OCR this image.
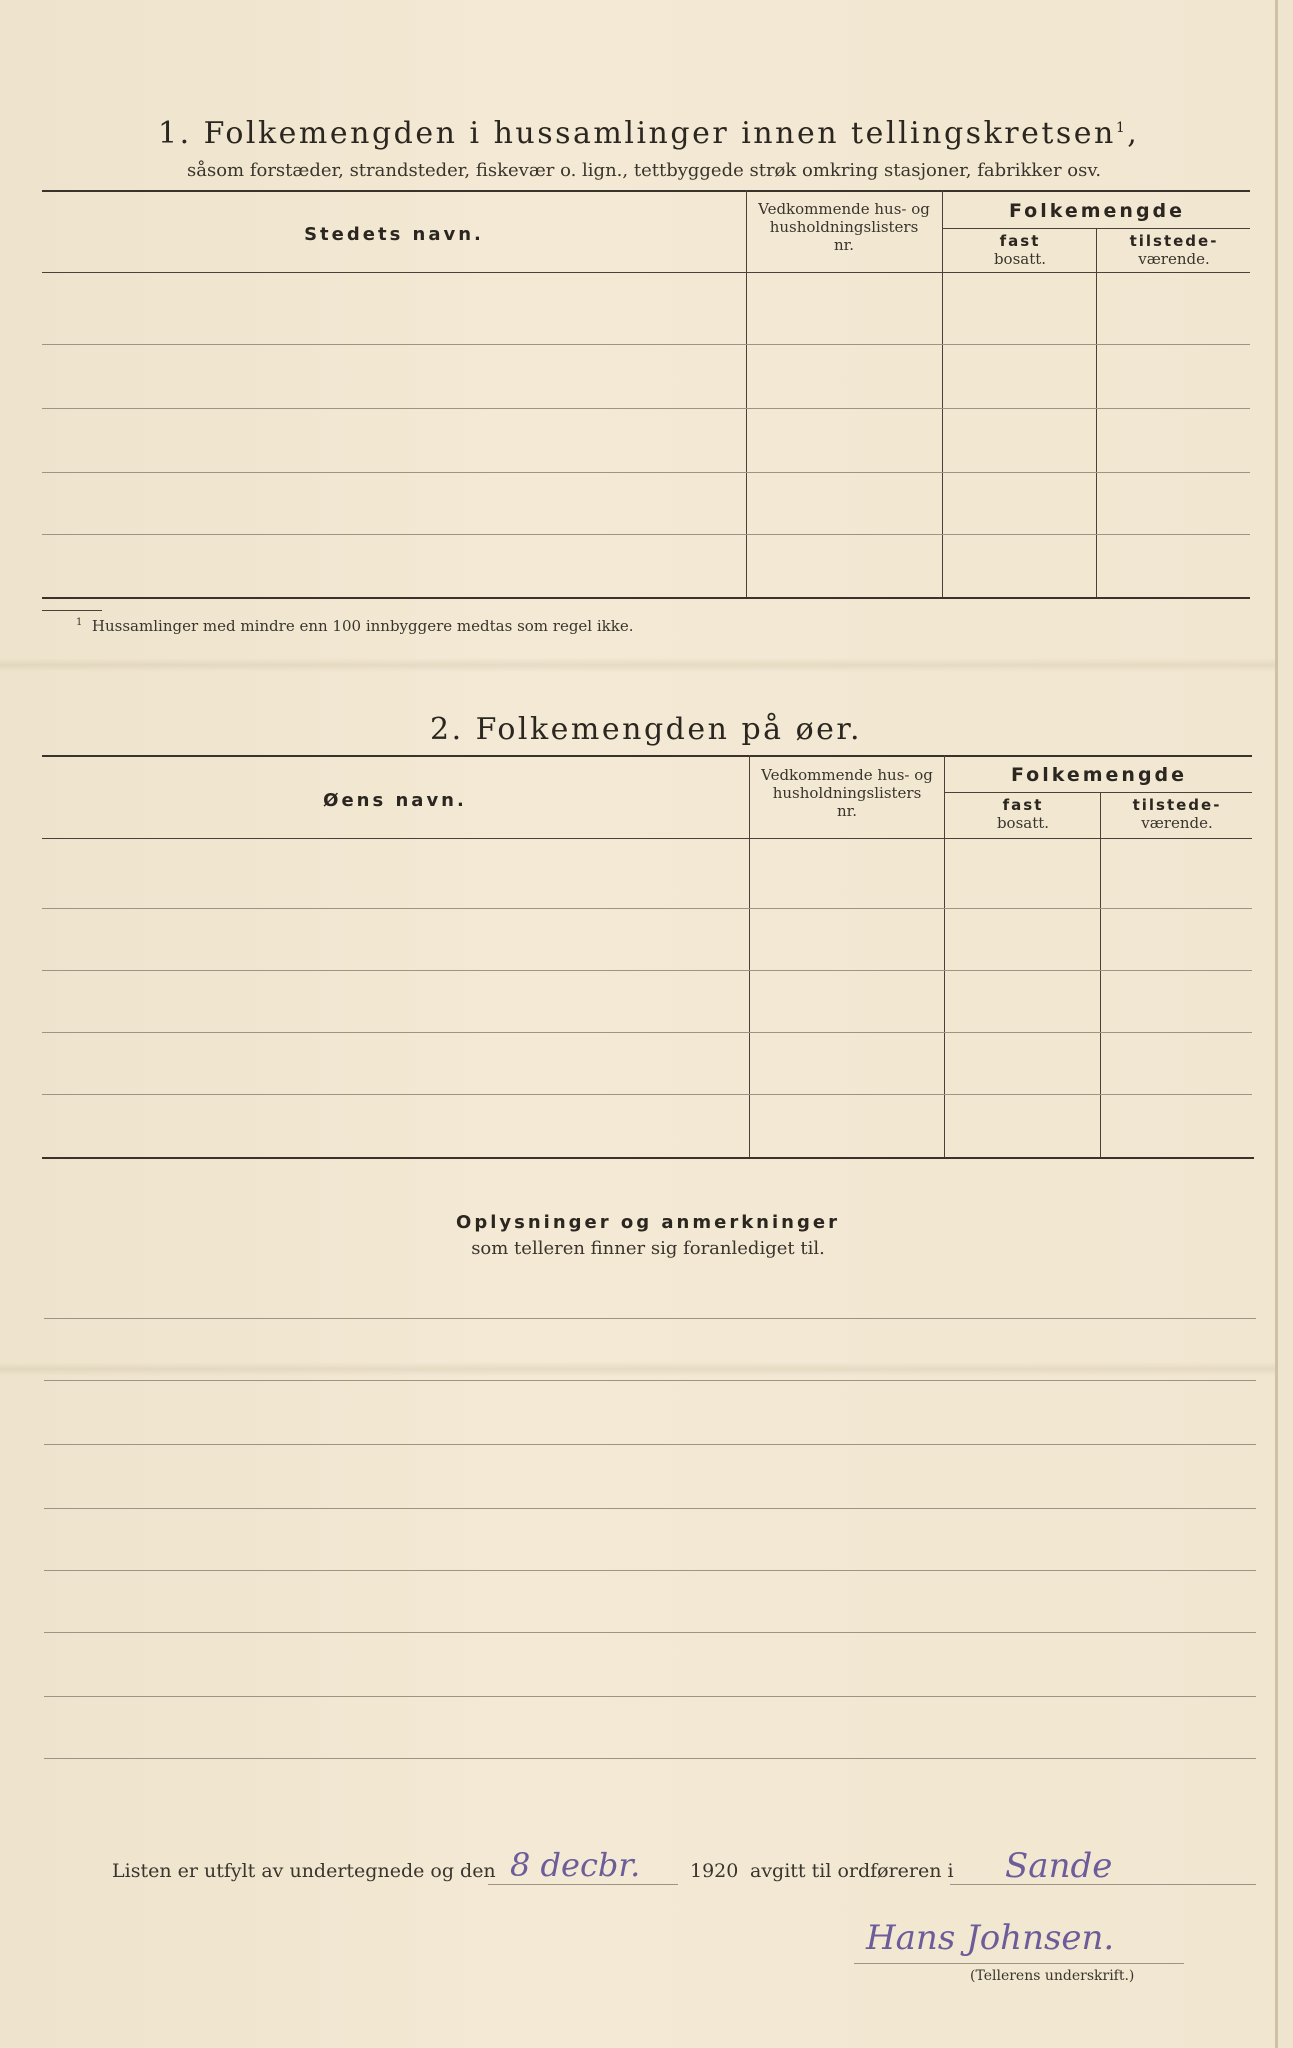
1. Folkemengden i hussamlinger innen tellingskretsen$^1$,
såsom forstæder, strandsteder, fiskevær o. lign., tettbyggede strøk omkring stasjoner, fabrikker osv.
Stedets navn.
Vedkommende hus- og
husholdningslisters
nr.
Folkemengde
fast
bosatt.
tilstede-
værende.
$^1$ Hussamlinger med mindre enn 100 innbyggere medtas som regel ikke.
2. Folkemengden på øer.
Øens navn.
Vedkommende hus- og
husholdningslisters
nr.
Folkemengde
fast
bosatt.
tilstede-
værende.
Oplysninger og anmerkninger
som telleren finner sig foranlediget til.
Listen er utfylt av undertegnede og den 8 decbr.	1920 avgitt til ordføreren i Sande
Hans Johnsen.
(Tellerens underskrift.)
